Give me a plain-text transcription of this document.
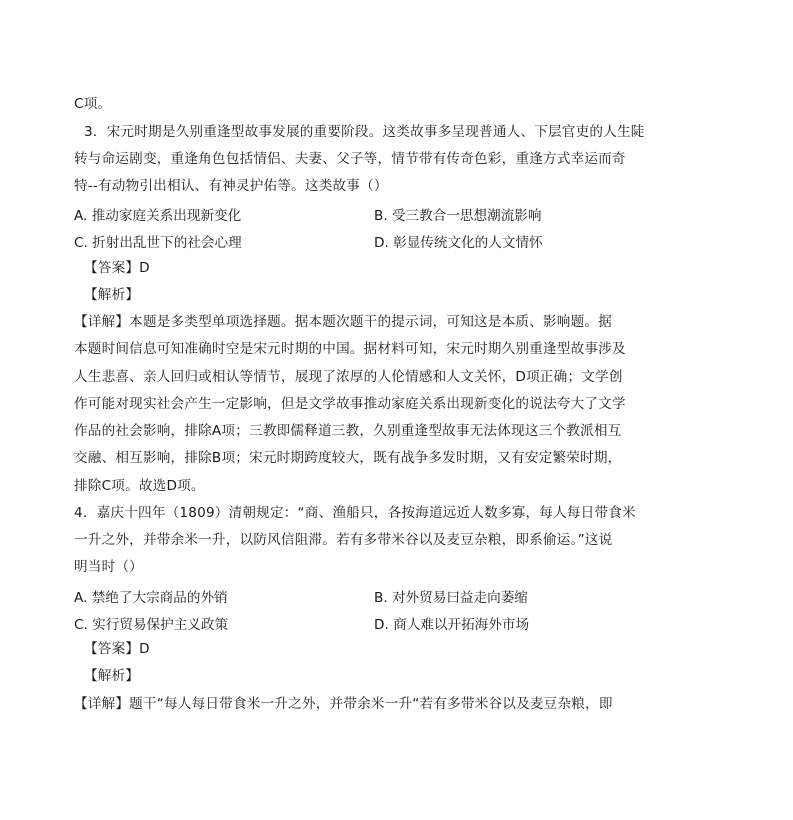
C项。
3．宋元时期是久别重逢型故事发展的重要阶段。这类故事多呈现普通人、下层官吏的人生陡
转与命运剧变，重逢角色包括情侣、夫妻、父子等，情节带有传奇色彩，重逢方式幸运而奇
特--有动物引出相认、有神灵护佑等。这类故事（）
A. 推动家庭关系出现新变化	B. 受三教合一思想潮流影响
C. 折射出乱世下的社会心理	D. 彰显传统文化的人文情怀
【答案】D
【解析】
【详解】本题是多类型单项选择题。据本题次题干的提示词，可知这是本质、影响题。据
本题时间信息可知准确时空是宋元时期的中国。据材料可知，宋元时期久别重逢型故事涉及
人生悲喜、亲人回归或相认等情节，展现了浓厚的人伦情感和人文关怀，D项正确；文学创
作可能对现实社会产生一定影响，但是文学故事推动家庭关系出现新变化的说法夸大了文学
作品的社会影响，排除A项；三教即儒释道三教，久别重逢型故事无法体现这三个教派相互
交融、相互影响，排除B项；宋元时期跨度较大，既有战争多发时期，又有安定繁荣时期，
排除C项。故选D项。
4．嘉庆十四年（1809）清朝规定：“商、渔船只，各按海道远近人数多寡，每人每日带食米
一升之外，并带余米一升，以防风信阻滞。若有多带米谷以及麦豆杂粮，即系偷运。”这说
明当时（）
A. 禁绝了大宗商品的外销	B. 对外贸易曰益走向萎缩
C. 实行贸易保护主义政策	D. 商人难以开拓海外市场
【答案】D
【解析】
【详解】题干“每人每日带食米一升之外，并带余米一升“若有多带米谷以及麦豆杂粮，即
